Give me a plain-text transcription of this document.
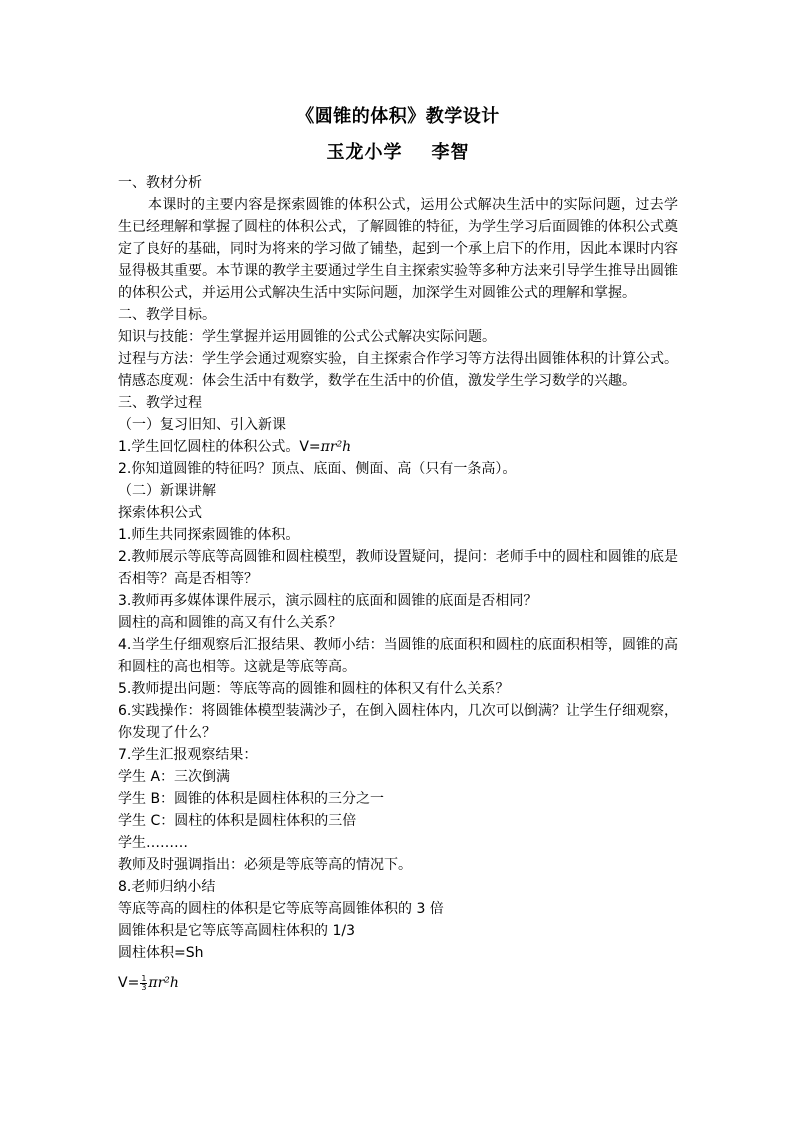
《圆锥的体积》教学设计

玉龙小学    李智

一、教材分析

本课时的主要内容是探索圆锥的体积公式，运用公式解决生活中的实际问题，过去学生已经理解和掌握了圆柱的体积公式，了解圆锥的特征，为学生学习后面圆锥的体积公式奠定了良好的基础，同时为将来的学习做了铺垫，起到一个承上启下的作用，因此本课时内容显得极其重要。本节课的教学主要通过学生自主探索实验等多种方法来引导学生推导出圆锥的体积公式，并运用公式解决生活中实际问题，加深学生对圆锥公式的理解和掌握。

二、教学目标。

知识与技能：学生掌握并运用圆锥的公式公式解决实际问题。

过程与方法：学生学会通过观察实验，自主探索合作学习等方法得出圆锥体积的计算公式。

情感态度观：体会生活中有数学，数学在生活中的价值，激发学生学习数学的兴趣。

三、教学过程

（一）复习旧知、引入新课

1.学生回忆圆柱的体积公式。V=πr²h

2.你知道圆锥的特征吗？顶点、底面、侧面、高（只有一条高）。

（二）新课讲解

探索体积公式

1.师生共同探索圆锥的体积。

2.教师展示等底等高圆锥和圆柱模型，教师设置疑问，提问：老师手中的圆柱和圆锥的底是否相等？高是否相等？

3.教师再多媒体课件展示，演示圆柱的底面和圆锥的底面是否相同？

圆柱的高和圆锥的高又有什么关系？

4.当学生仔细观察后汇报结果、教师小结：当圆锥的底面积和圆柱的底面积相等，圆锥的高和圆柱的高也相等。这就是等底等高。

5.教师提出问题：等底等高的圆锥和圆柱的体积又有什么关系？

6.实践操作：将圆锥体模型装满沙子，在倒入圆柱体内，几次可以倒满？让学生仔细观察，你发现了什么？

7.学生汇报观察结果：

学生 A：三次倒满

学生 B：圆锥的体积是圆柱体积的三分之一

学生 C：圆柱的体积是圆柱体积的三倍

学生………

教师及时强调指出：必须是等底等高的情况下。

8.老师归纳小结

等底等高的圆柱的体积是它等底等高圆锥体积的 3 倍

圆锥体积是它等底等高圆柱体积的 1/3

圆柱体积=Sh

$V= \frac{1}{3} \pi r^2h$
